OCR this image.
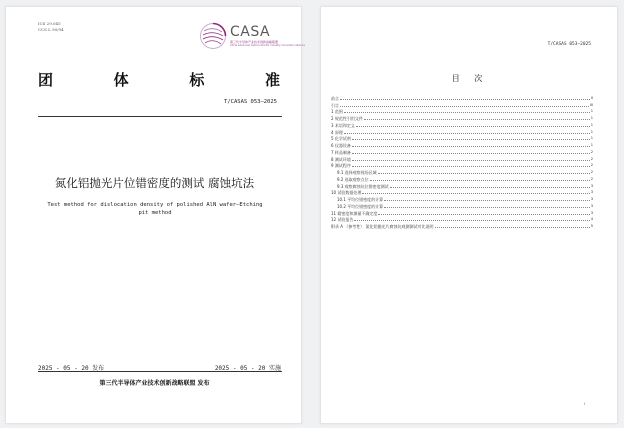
ICS 29.045
CCS L 90/94	CASA
第三代半导体产业技术创新战略联盟
China advanced semiconductor industry innovation alliance
团	体	标	准
T/CASAS 053—2025
氮化铝抛光片位错密度的测试 腐蚀坑法
Test method for dislocation density of polished AlN wafer—Etching pit method
2025 - 05 - 20 发布	2025 - 05 - 20 实施
第三代半导体产业技术创新战略联盟 发布
T/CASAS 053—2025
目 次
前言	II
引言	III
1 范围	1
2 规范性引用文件	1
3 术语和定义	1
4 原理	1
5 化学试剂	1
6 仪器设备	1
7 样品制备	2
8 测试环境	2
9 测试程序	2
9.1 选择观察视场区域	2
9.2 选取观察点位	2
9.3 观察腐蚀坑位错密度测试	3
10 试验数据处理	3
10.1 平均位错密度的计算	3
10.2 平均位错密度的计算	3
11 精密度和测量不确定度	3
12 试验报告	4
附录 A （参考性） 氮化铝抛光片腐蚀坑观测测试对比说明	5
I
